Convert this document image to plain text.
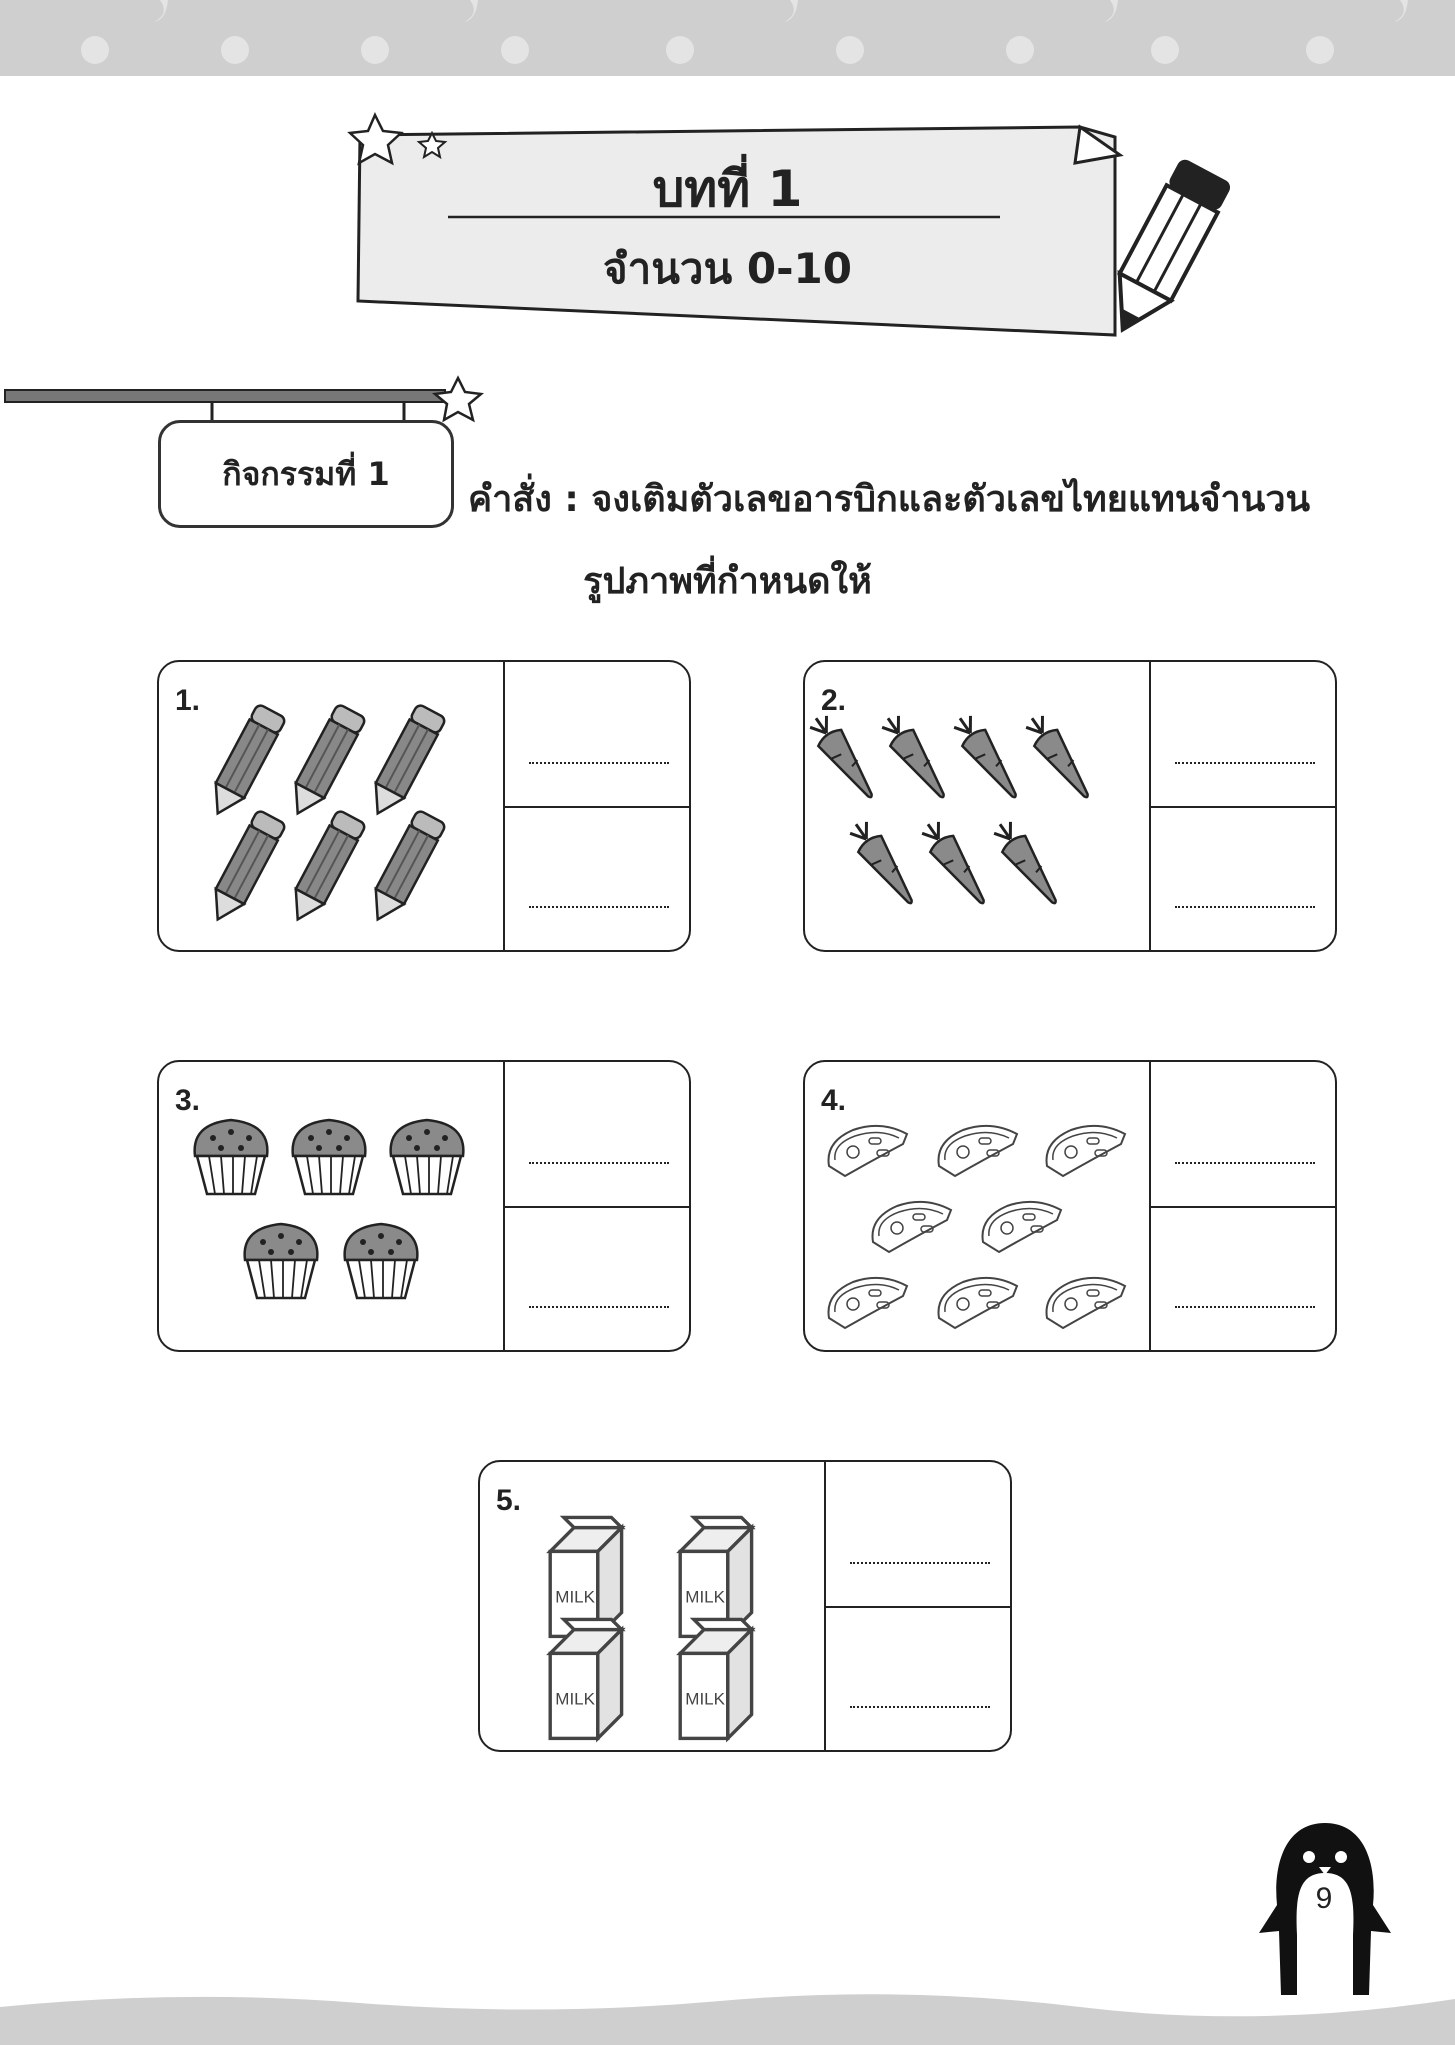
บทที่ 1
จำนวน 0-10
กิจกรรมที่ 1
คำสั่ง : จงเติมตัวเลขอารบิกและตัวเลขไทยแทนจำนวน
รูปภาพที่กำหนดให้
1.	2.
3.	4.
5.
MILK	MILK
MILK	MILK
9
